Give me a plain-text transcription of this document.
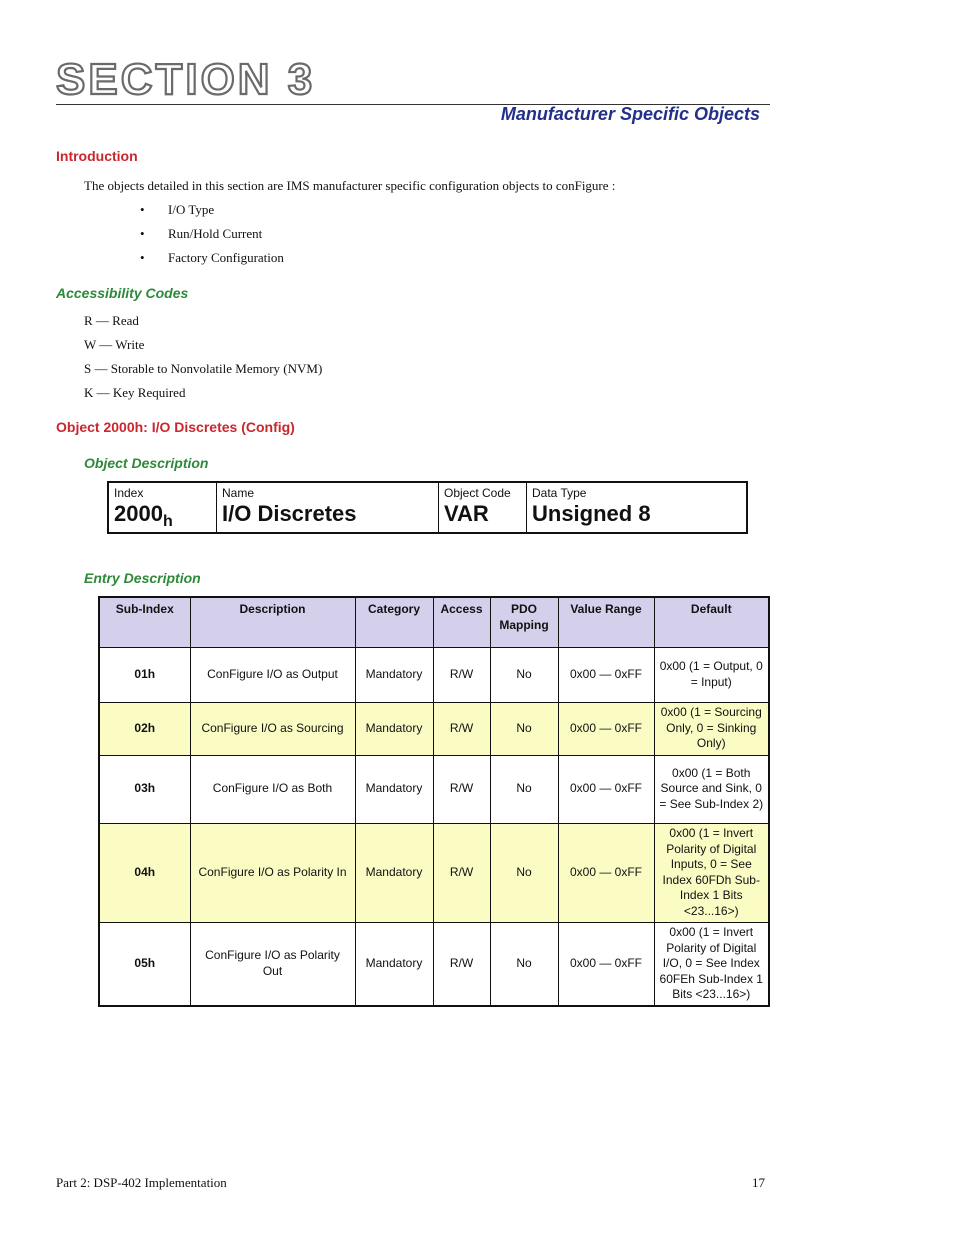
SECTION 3
Manufacturer Specific Objects
Introduction

The objects detailed in this section are IMS manufacturer specific configuration objects to conFigure :

• I/O Type
• Run/Hold Current
• Factory Configuration
Accessibility Codes
R — Read
W — Write
S — Storable to Nonvolatile Memory (NVM)
K — Key Required
Object 2000h: I/O Discretes (Config)
Object Description
Index
$2000_h$
Name
I/O Discretes
Object Code
VAR
Data Type
Unsigned 8
Entry Description
Sub-Index	Description	Category	Access	PDO Mapping	Value Range	Default
01h	ConFigure I/O as Output	Mandatory	R/W	No	0x00 — 0xFF	0x00 (1 = Output, 0 = Input)
02h	ConFigure I/O as Sourcing	Mandatory	R/W	No	0x00 — 0xFF	0x00 (1 = Sourcing Only, 0 = Sinking Only)
03h	ConFigure I/O as Both	Mandatory	R/W	No	0x00 — 0xFF	0x00 (1 = Both Source and Sink, 0 = See Sub-Index 2)
04h	ConFigure I/O as Polarity In	Mandatory	R/W	No	0x00 — 0xFF	0x00 (1 = Invert Polarity of Digital Inputs, 0 = See Index 60FDh Sub-Index 1 Bits <23...16>)
05h	ConFigure I/O as Polarity Out	Mandatory	R/W	No	0x00 — 0xFF	0x00 (1 = Invert Polarity of Digital I/O, 0 = See Index 60FEh Sub-Index 1 Bits <23...16>)
Part 2: DSP-402 Implementation	17
